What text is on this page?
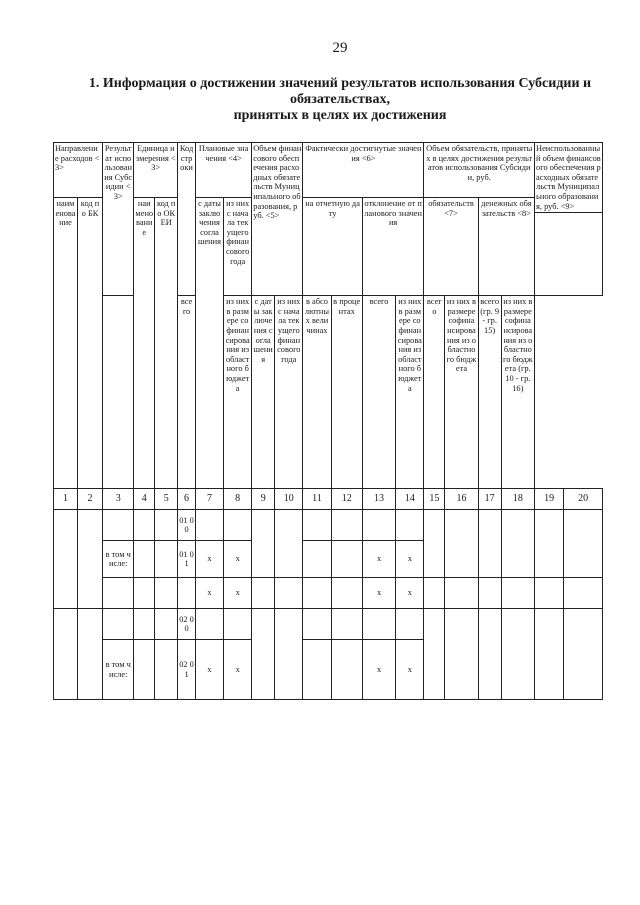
29
1. Информация о достижении значений результатов использования Субсидии и
обязательствах,
принятых в целях их достижения
Направление расходов <3>		Результат использования Субсидии <3>	Единица измерения <3>		Код строки	Плановые значения <4>		Объем финансового обеспечения расходных обязательств Муниципального образования, руб. <5>		Фактически достигнутые значения <6>				Объем обязательств, принятых в целях достижения результатов использования Субсидии, руб.				Неиспользованный объем финансового обеспечения расходных обязательств Муниципального образования, руб. <9>	
наименование	код по БК		наименование	код по ОКЕИ		с даты заключения соглашения	из них с начала текущего финансового года			на отчетную дату		отклонение от планового значения		обязательств <7>		денежных обязательств <8>			

					всего		из них в размере софинансирования из областного бюджета	с даты заключения соглашения	из них с начала текущего финансового года	в абсолютных величинах	в процентах	всего	из них в размере софинансирования из областного бюджета	всего	из них в размере софинансирования из областного бюджета	всего (гр. 9 - гр. 15)	из них в размере софинансирования из областного бюджета (гр. 10 - гр. 16)		
1	2	3	4	5	6	7	8	9	10	11	12	13	14	15	16	17	18	19	20
					01 00														
		в том числе:			01 01	х	х					х	х						
						х	х					х	х						
					02 00														
		в том числе:			02 01	х	х					х	х						
